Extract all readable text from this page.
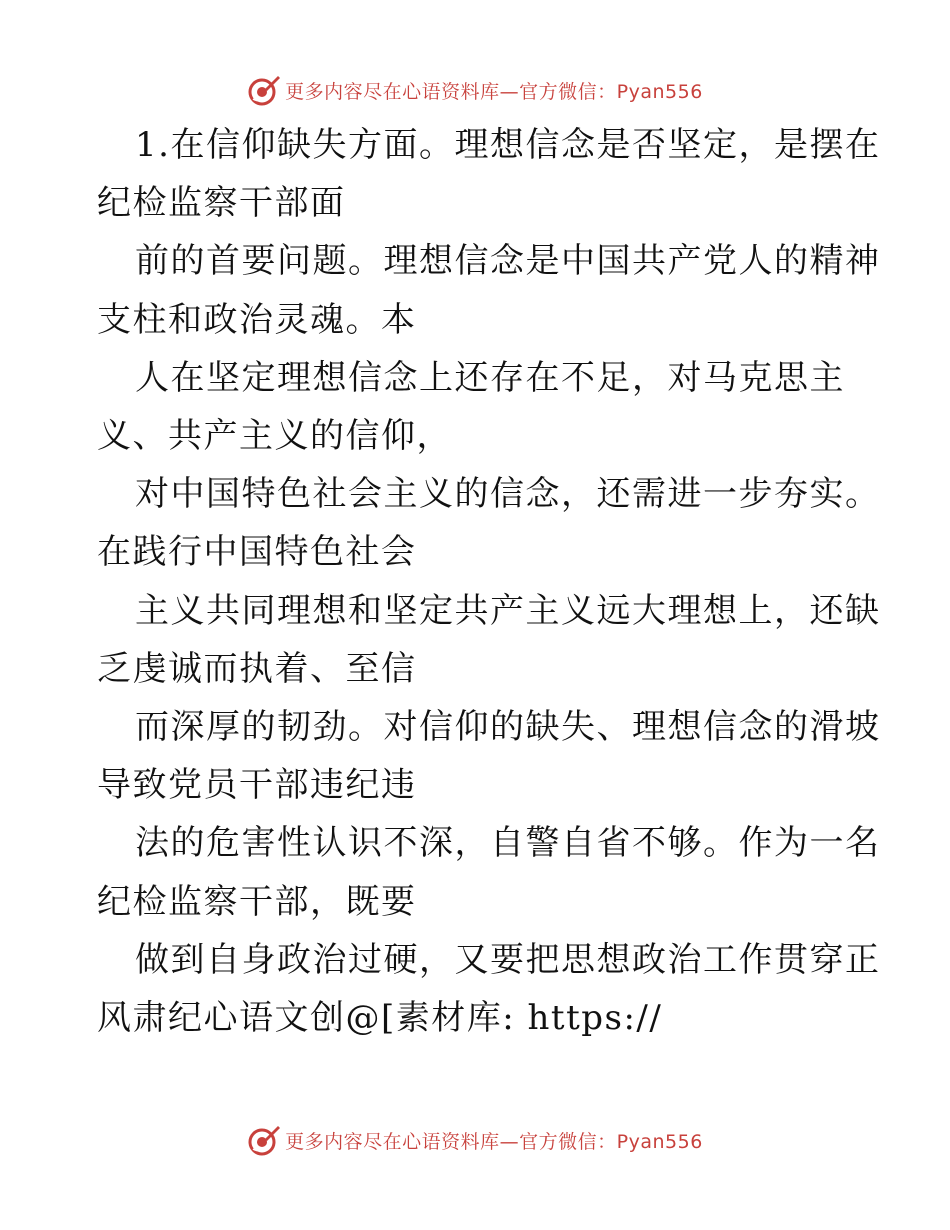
更多内容尽在心语资料库—官方微信：Pyan556
1.在信仰缺失方面。理想信念是否坚定，是摆在
纪检监察干部面
前的首要问题。理想信念是中国共产党人的精神
支柱和政治灵魂。本
人在坚定理想信念上还存在不足，对马克思主
义、共产主义的信仰，
对中国特色社会主义的信念，还需进一步夯实。
在践行中国特色社会
主义共同理想和坚定共产主义远大理想上，还缺
乏虔诚而执着、至信
而深厚的韧劲。对信仰的缺失、理想信念的滑坡
导致党员干部违纪违
法的危害性认识不深，自警自省不够。作为一名
纪检监察干部，既要
做到自身政治过硬，又要把思想政治工作贯穿正
风肃纪心语文创@[素材库: https://
更多内容尽在心语资料库—官方微信：Pyan556
